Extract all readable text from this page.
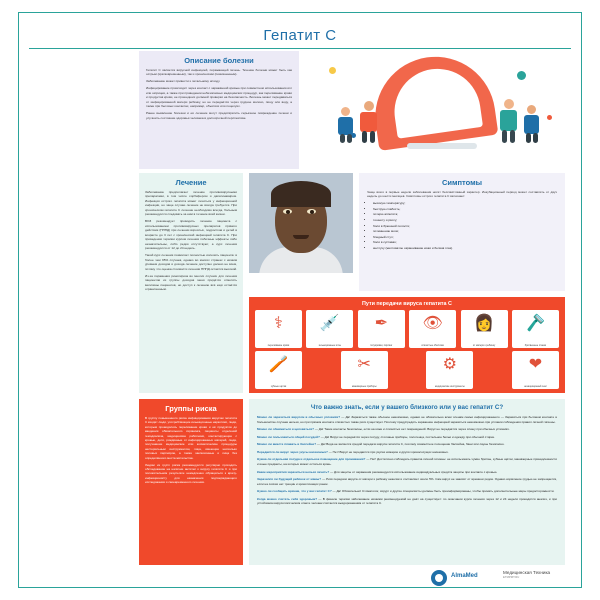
Гепатит С
Описание болезни

Гепатит С является вирусной инфекцией, поражающей печень. Течение болезни может быть как острым (кратковременным), так и хроническим (пожизненным).

Заболевание может привести к летальному исходу.

Инфицирование происходит через контакт с заражённой кровью при совместном использовании игл или шприцев, а также при проведении небезопасных медицинских процедур, как переливание крови и продуктов крови, не прошедших должной проверки на безопасность. Болезнь может передаваться от инфицированной матери ребёнку, но не передаётся через грудное молоко, пищу или воду, а также при бытовых контактах, например, объятиях или поцелуях.

Ранее выявление болезни и её лечение могут предотвратить серьёзное повреждение печени и улучшить состояние здоровья человека в долгосрочной перспективе.

Лечение

Заболевание предполагает лечение противовирусными препаратами, в том числе сорбифером и дапатинавиром. Инфекция острого гепатита может лечиться у инфекционной инфекции, но чаще случаю лечение не всегда требуется. При хроническом гепатите С лечение необходимо всегда, больным рекомендуется следовать за ним в течение всей жизни.

ВОЗ рекомендует проводить лечение пациента с использованием противовирусных препаратов прямого действия (ПППД) при лечении взрослых, подростков и детей в возрасте до 3 лет с хронической инфекцией гепатита С. При проведении терапии курсом лечения побочные эффекты либо незначительны, либо редки отсутствуют, а курс лечения рекомендуется от 12 до 24 недель.

Такой курс лечения позволяет полностью излечить пациента: в более чем 95% случаев, однако во многих странах с низким уровнем доходов и дохода лечение доступно далеко не всем, потому что оценка стоимости лечения ПППД остаётся высокой.

Из-за поражения ринопироза во многих случаях для лечения пациентов из группы доходов меня придётся отметить величины пациентов, но доступ к лечению всё ещё остаётся ограниченным.

Симптомы
Чаще всего в первые недели заболевания носят бессимптомный характер. Инкубационный период может составлять от двух недель до шести месяцев. Симптомы острого гепатита С включают:
• высокую температуру;
• быструю слабость;
• потерю аппетита;
• тошноту и рвоту;
• боли в брюшной полости;
• потемнение мочи;
• бледный стул;
• боли в суставах;
• желтуху (желтоватое окрашивание кожи и белков глаз).
Пути передачи вируса гепатита С
⚕
переливание крови
💉
инъекционные иглы
✒
татуировки, пирсинг
👁
слизистые оболочки
👩
от матери к ребёнку
🪒
бритвенные станки
🪥
зубные щётки
✂
маникюрные приборы
⚙
медицинские инструменты
❤
незащищённый секс
Группы риска

В группу повышенного риска инфицирования вирусом гепатита С входят люди, употребляющие инъекционные наркотики, люди, которым проводилось переливание крови и её продуктов до введения обязательного скрининга, пациенты отделений гемодиализа, медицинские работники, контактирующие с кровью, дети, рождённые от инфицированных матерей, люди, получавшие медицинские или косметические процедуры нестерильным инструментом, лица, имеющие несколько половых партнёров, а также заключённые и лица без определённого места жительства.

Людям из групп риска рекомендуется регулярно проходить обследование на наличие антител к вирусу гепатита С и при положительном результате немедленно обращаться к врачу-инфекционисту для назначения подтверждающего исследования и своевременного лечения.

Что важно знать, если у вашего близкого или у вас гепатит С?
Можно ли заразиться вирусом в обычных условиях? — Да! Заразиться также обычное невозможно, однако не обязательно всем членам семьи инфицированного — Заразиться при бытовом контакте в большинстве случаев нельзя, но при прямом контакте слизистых также риск существует. Поэтому предупредить заражение инфекцией заразиться невозможно при условии соблюдения правил личной гигиены.
Можно ли обниматься и целоваться? — Да! Такие контакты безопасны, если на коже и слизистых нет повреждений. Вирус не передаётся через слюну при обычных условиях.
Можно ли пользоваться общей посудой? — Да! Вирус не передаётся через посуду, столовые приборы, полотенца, постельное бельё и одежду при обычной стирке.
Можно ли вместе плавать в бассейне? — Да! Вода не является средой передачи вируса гепатита С, поэтому совместное посещение бассейна, бани или сауны безопасно.
Передаётся ли вирус через укусы насекомых? — Нет! Вирус не передаётся при укусах комаров и других кровососущих насекомых.
Нужна ли отдельная посуда и отдельное помещение для проживания? — Нет! Достаточно соблюдать правила личной гигиены: не использовать чужие бритвы, зубные щётки, маникюрные принадлежности и иные предметы, на которых может остаться кровь.
Какие мероприятия заразиться нельзя лечить? — Для защиты от заражения рекомендуется использование индивидуальных средств защиты при контакте с кровью.
Заразился ли будущий ребёнок от мамы? — Риск передачи вируса от матери к ребёнку невелик и составляет около 5%. Сам вирус не зависит от времени родов. Однако кормление грудью не запрещается, если на сосках нет трещин и кровоточащих ранок.
Нужно ли сообщать врачам, что у вас гепатит С? — Да! Обязательно! Стоматолог, хирург и другие специалисты должны быть проинформированы, чтобы принять дополнительные меры предосторожности.
Когда можно считать себя здоровым? — В финале терапии заболевание низкими рекомендуемой не даёт на существует: по окончании курса лечения через 12 и 24 недели проводится анализ, и при устойчивом вирусологическом ответе человек считается выздоровевшим от гепатита С.
AlmaMed
Медицинская Техника
ETMPMT.RU
